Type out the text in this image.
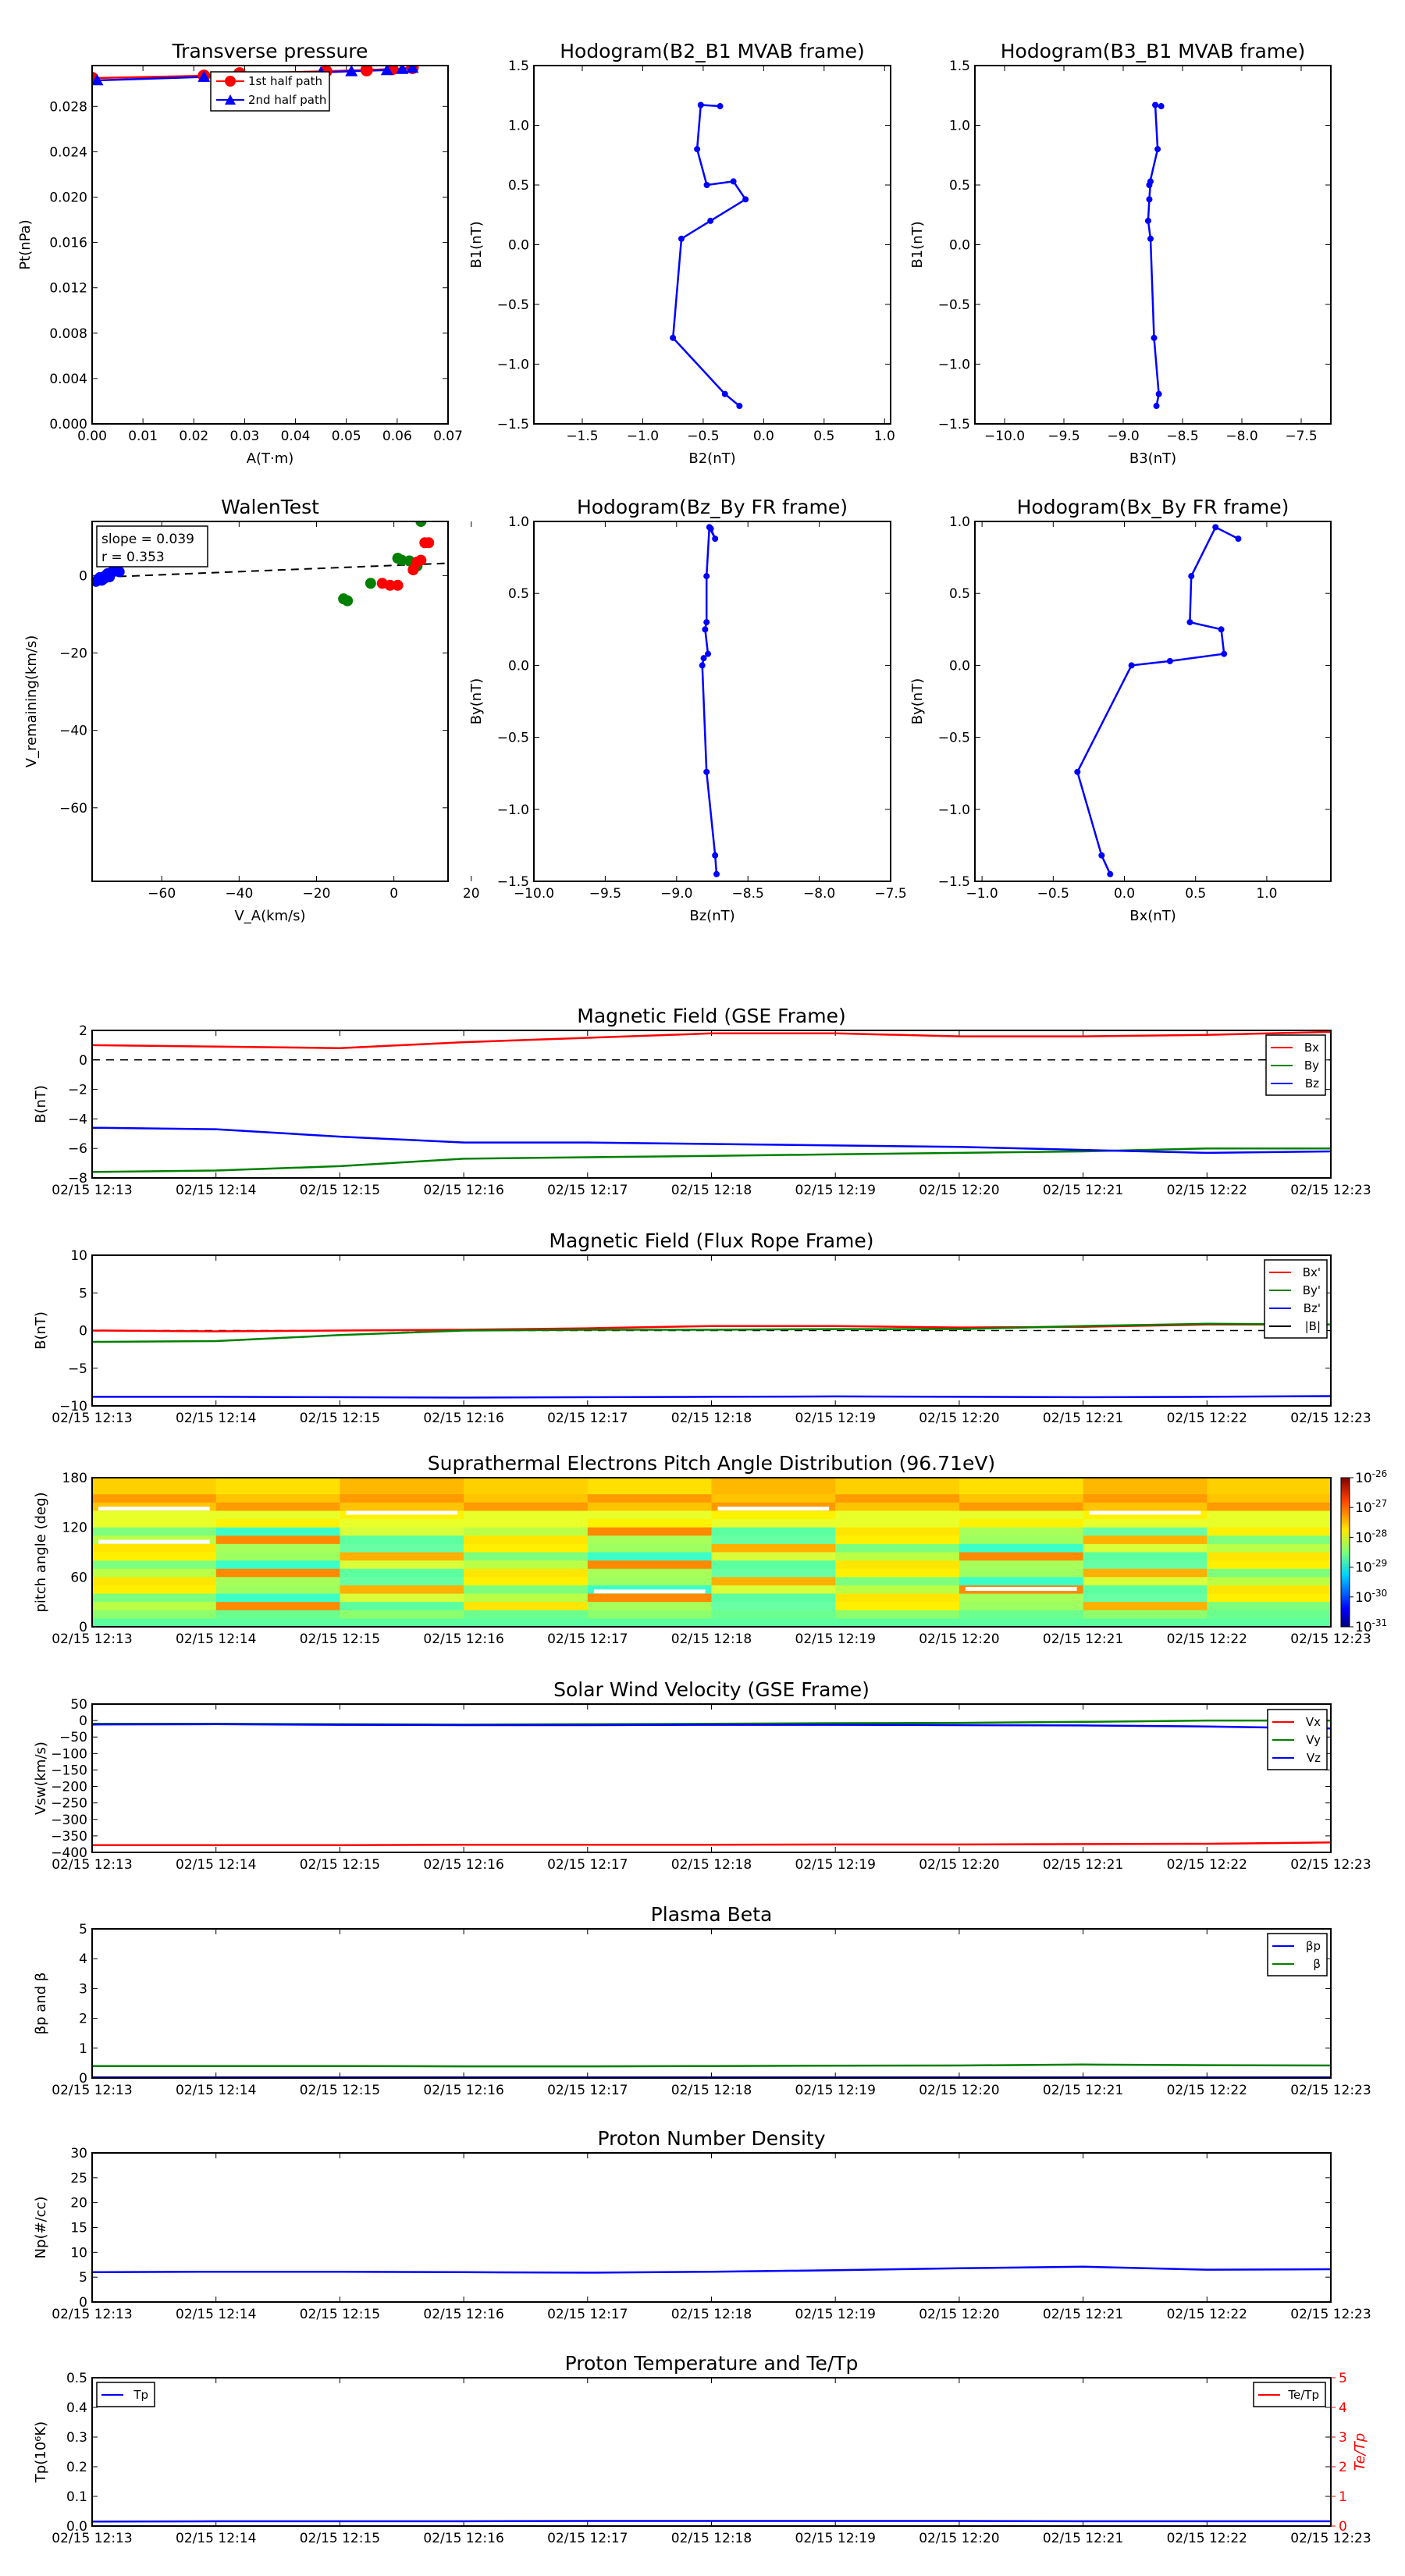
Transverse pressure
0.00 0.01 0.02 0.03 0.04 0.05 0.06 0.07
0.000
0.004
0.008
0.012
0.016
0.020
0.024
0.028
A(T·m)
Pt(nPa)
1st half path
2nd half path
Hodogram(B2_B1 MVAB frame)
−1.5 −1.0 −0.5	0.0	0.5	1.0
−1.5
−1.0
−0.5
0.0
0.5
1.0
1.5
B2(nT)
B1(nT)
Hodogram(B3_B1 MVAB frame)
−10.0 −9.5 −9.0 −8.5 −8.0 −7.5
−1.5
−1.0
−0.5
0.0
0.5
1.0
1.5
B3(nT)
B1(nT)
WalenTest
−60	−40	−20	0	20
−60
−40
−20
0
V_A(km/s)
V_remaining(km/s)
slope = 0.039
r = 0.353
Hodogram(Bz_By FR frame)
−10.0	−9.5	−9.0	−8.5	−8.0	−7.5
−1.5
−1.0
−0.5
0.0
0.5
1.0
Bz(nT)
By(nT)
Hodogram(Bx_By FR frame)
−1.0	−0.5	0.0	0.5	1.0
−1.5
−1.0
−0.5
0.0
0.5
1.0
Bx(nT)
By(nT)
Magnetic Field (GSE Frame)
02/15 12:13	02/15 12:14	02/15 12:15	02/15 12:16	02/15 12:17	02/15 12:18	02/15 12:19	02/15 12:20	02/15 12:21	02/15 12:22	02/15 12:23
−8
−6
−4
−2
0
2
B(nT)
Bx
By
Bz
Magnetic Field (Flux Rope Frame)
02/15 12:13	02/15 12:14	02/15 12:15	02/15 12:16	02/15 12:17	02/15 12:18	02/15 12:19	02/15 12:20	02/15 12:21	02/15 12:22	02/15 12:23
−10
−5
0
5
10
B(nT)
Bx'
By'
Bz'
|B|
Suprathermal Electrons Pitch Angle Distribution (96.71eV)
02/15 12:13	02/15 12:14	02/15 12:15	02/15 12:16	02/15 12:17	02/15 12:18	02/15 12:19	02/15 12:20	02/15 12:21	02/15 12:22	02/15 12:23
0
60
120
180
pitch angle (deg)
$10^{-31}$
$10^{-30}$
$10^{-29}$
$10^{-28}$
$10^{-27}$
$10^{-26}$
Solar Wind Velocity (GSE Frame)
02/15 12:13	02/15 12:14	02/15 12:15	02/15 12:16	02/15 12:17	02/15 12:18	02/15 12:19	02/15 12:20	02/15 12:21	02/15 12:22	02/15 12:23
−400
−350
−300
−250
−200
−150
−100
−50
0
50
Vsw(km/s)
Vx
Vy
Vz
Plasma Beta
02/15 12:13	02/15 12:14	02/15 12:15	02/15 12:16	02/15 12:17	02/15 12:18	02/15 12:19	02/15 12:20	02/15 12:21	02/15 12:22	02/15 12:23
0
1
2
3
4
5
βp and β
βp
β
Proton Number Density
02/15 12:13	02/15 12:14	02/15 12:15	02/15 12:16	02/15 12:17	02/15 12:18	02/15 12:19	02/15 12:20	02/15 12:21	02/15 12:22	02/15 12:23
0
5
10
15
20
25
30
Np(#/cc)
Proton Temperature and Te/Tp
02/15 12:13	02/15 12:14	02/15 12:15	02/15 12:16	02/15 12:17	02/15 12:18	02/15 12:19	02/15 12:20	02/15 12:21	02/15 12:22	02/15 12:23
0.0
0.1
0.2
0.3
0.4
0.5
Tp(10⁶K)
0
1
2
3
4
5
Te/Tp
Tp	Te/Tp
